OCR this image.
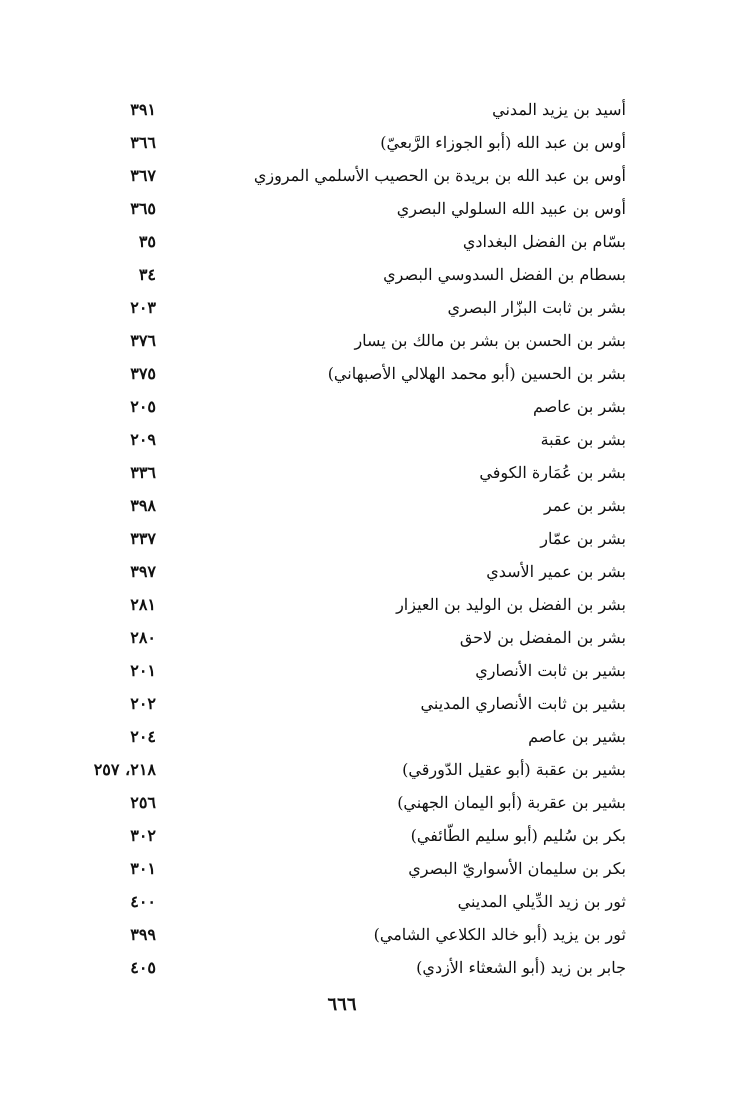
أسيد بن يزيد المدني
٣٩١
أوس بن عبد الله (أبو الجوزاء الرَّبعيّ)
٣٦٦
أوس بن عبد الله بن بريدة بن الحصيب الأسلمي المروزي
٣٦٧
أوس بن عبيد الله السلولي البصري
٣٦٥
بسّام بن الفضل البغدادي
٣٥
بسطام بن الفضل السدوسي البصري
٣٤
بشر بن ثابت البزّار البصري
٢٠٣
بشر بن الحسن بن بشر بن مالك بن يسار
٣٧٦
بشر بن الحسين (أبو محمد الهلالي الأصبهاني)
٣٧٥
بشر بن عاصم
٢٠٥
بشر بن عقبة
٢٠٩
بشر بن عُمَارة الكوفي
٣٣٦
بشر بن عمر
٣٩٨
بشر بن عمّار
٣٣٧
بشر بن عمير الأسدي
٣٩٧
بشر بن الفضل بن الوليد بن العيزار
٢٨١
بشر بن المفضل بن لاحق
٢٨٠
بشير بن ثابت الأنصاري
٢٠١
بشير بن ثابت الأنصاري المديني
٢٠٢
بشير بن عاصم
٢٠٤
بشير بن عقبة (أبو عقيل الدّورقي)
٢١٨، ٢٥٧
بشير بن عقربة (أبو اليمان الجهني)
٢٥٦
بكر بن سُليم (أبو سليم الطّائفي)
٣٠٢
بكر بن سليمان الأسواريّ البصري
٣٠١
ثور بن زيد الدِّيلي المديني
٤٠٠
ثور بن يزيد (أبو خالد الكلاعي الشامي)
٣٩٩
جابر بن زيد (أبو الشعثاء الأزدي)
٤٠٥
٦٦٦
